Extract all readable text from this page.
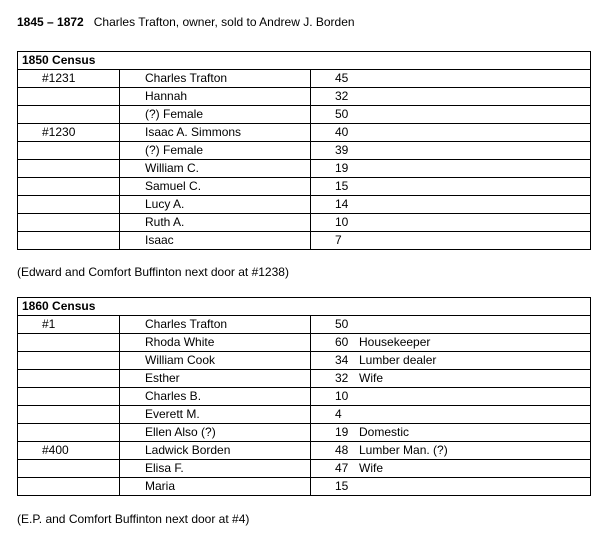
1845 – 1872 Charles Trafton, owner, sold to Andrew J. Borden
1850 Census		
#1231	Charles Trafton	45
	Hannah	32
	(?) Female	50
#1230	Isaac A. Simmons	40
	(?) Female	39
	William C.	19
	Samuel C.	15
	Lucy A.	14
	Ruth A.	10
	Isaac	7
(Edward and Comfort Buffinton next door at #1238)
1860 Census		
#1	Charles Trafton	50
	Rhoda White	60 Housekeeper
	William Cook	34 Lumber dealer
	Esther	32 Wife
	Charles B.	10
	Everett M.	4
	Ellen Also (?)	19 Domestic
#400	Ladwick Borden	48 Lumber Man. (?)
	Elisa F.	47 Wife
	Maria	15
(E.P. and Comfort Buffinton next door at #4)
